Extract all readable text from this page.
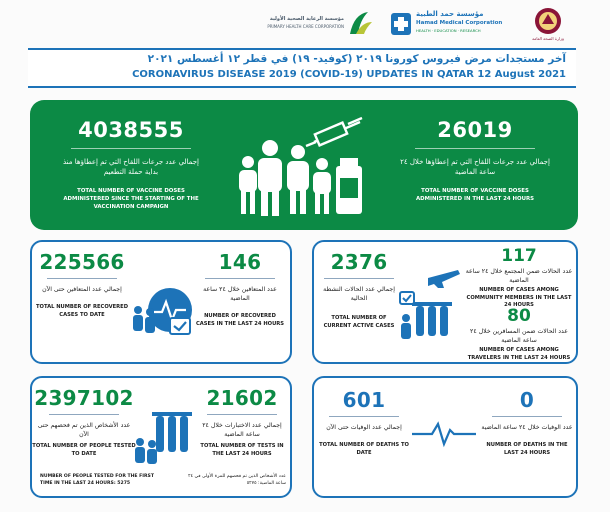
مؤسسة الرعاية الصحية الأولية
PRIMARY HEALTH CARE CORPORATION
مؤسسة حمد الطبية
Hamad Medical Corporation
HEALTH · EDUCATION · RESEARCH
وزارة الصحة العامة
آخر مستجدات مرض فيروس كورونا ٢٠١٩ (كوفيد- ١٩) في قطر ١٢ أغسطس ٢٠٢١
CORONAVIRUS DISEASE 2019 (COVID-19) UPDATES IN QATAR 12 August 2021
4038555
إجمالي عدد جرعات اللقاح التي تم إعطاؤها منذ بداية حملة التطعيم
TOTAL NUMBER OF VACCINE DOSES ADMINISTERED SINCE THE STARTING OF THE VACCINATION CAMPAIGN
26019
إجمالي عدد جرعات اللقاح التي تم إعطاؤها خلال ٢٤ ساعة الماضية
TOTAL NUMBER OF VACCINE DOSES ADMINISTERED IN THE LAST 24 HOURS
225566
إجمالي عدد المتعافين حتى الآن
TOTAL NUMBER OF RECOVERED CASES TO DATE
146
عدد المتعافين خلال ٢٤ ساعة الماضية
NUMBER OF RECOVERED CASES IN THE LAST 24 HOURS
2376
إجمالي عدد الحالات النشطة الحالية
TOTAL NUMBER OF CURRENT ACTIVE CASES
117
عدد الحالات ضمن المجتمع خلال ٢٤ ساعة الماضية
NUMBER OF CASES AMONG COMMUNITY MEMBERS IN THE LAST 24 HOURS
80
عدد الحالات ضمن المسافرين خلال ٢٤ ساعة الماضية
NUMBER OF CASES AMONG TRAVELERS IN THE LAST 24 HOURS
2397102
عدد الأشخاص الذين تم فحصهم حتى الآن
TOTAL NUMBER OF PEOPLE TESTED TO DATE
21602
إجمالي عدد الاختبارات خلال ٢٤ ساعة الماضية
TOTAL NUMBER OF TESTS IN THE LAST 24 HOURS
NUMBER OF PEOPLE TESTED FOR THE FIRST TIME IN THE LAST 24 HOURS: 5275
عدد الأشخاص الذين تم فحصهم للمرة الأولى في ٢٤ ساعة الماضية: ٥٢٧٥
601
إجمالي عدد الوفيات حتى الآن
TOTAL NUMBER OF DEATHS TO DATE
0
عدد الوفيات خلال ٢٤ ساعة الماضية
NUMBER OF DEATHS IN THE LAST 24 HOURS
